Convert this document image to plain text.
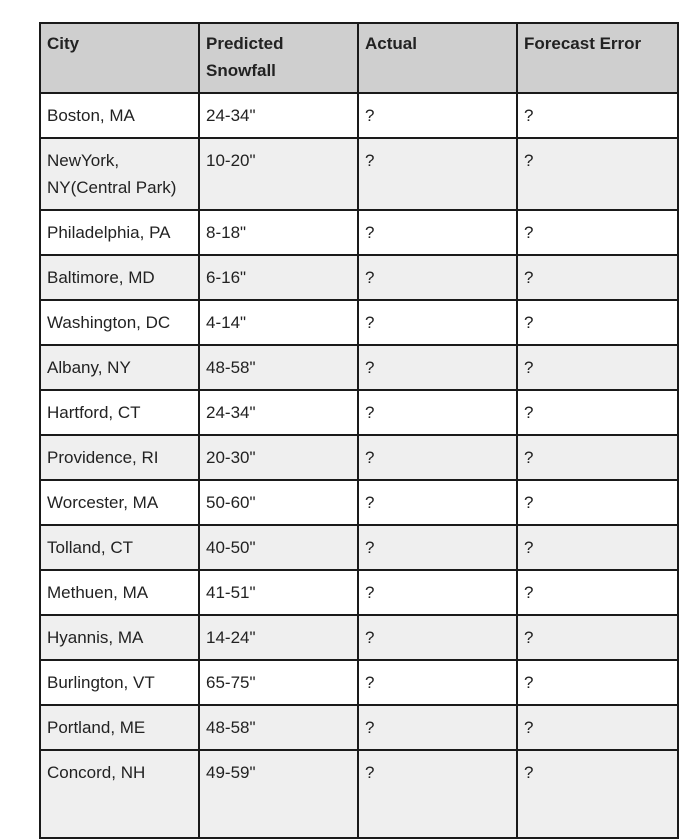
City	Predicted Snowfall	Actual	Forecast Error
Boston, MA	24-34"	?	?
NewYork, NY(Central Park)	10-20"	?	?
Philadelphia, PA	8-18"	?	?
Baltimore, MD	6-16"	?	?
Washington, DC	4-14"	?	?
Albany, NY	48-58"	?	?
Hartford, CT	24-34"	?	?
Providence, RI	20-30"	?	?
Worcester, MA	50-60"	?	?
Tolland, CT	40-50"	?	?
Methuen, MA	41-51"	?	?
Hyannis, MA	14-24"	?	?
Burlington, VT	65-75"	?	?
Portland, ME	48-58"	?	?
Concord, NH	49-59"	?	?
